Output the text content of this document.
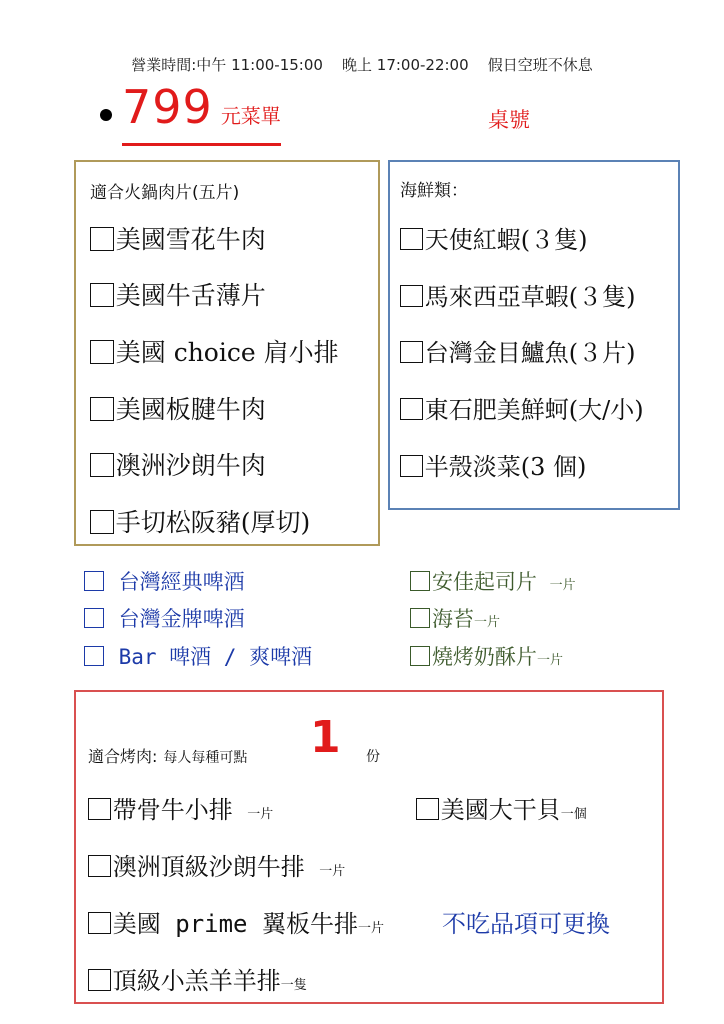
營業時間:中午 11:00-15:00    晚上 17:00-22:00    假日空班不休息
799 元菜單	桌號
適合火鍋肉片(五片)
美國雪花牛肉
美國牛舌薄片
美國 choice 肩小排
美國板腱牛肉
澳洲沙朗牛肉
手切松阪豬(厚切)
海鮮類：
天使紅蝦(３隻)
馬來西亞草蝦(３隻)
台灣金目鱸魚(３片)
東石肥美鮮蚵(大/小)
半殼淡菜(3 個)
台灣經典啤酒
台灣金牌啤酒
Bar 啤酒 / 爽啤酒
安佳起司片 一片
海苔一片
燒烤奶酥片一片
適合烤肉: 每人每種可點 1 份
帶骨牛小排 一片	美國大干貝一個
澳洲頂級沙朗牛排 一片
美國 prime 翼板牛排一片 不吃品項可更換
頂級小羔羊羊排一隻
